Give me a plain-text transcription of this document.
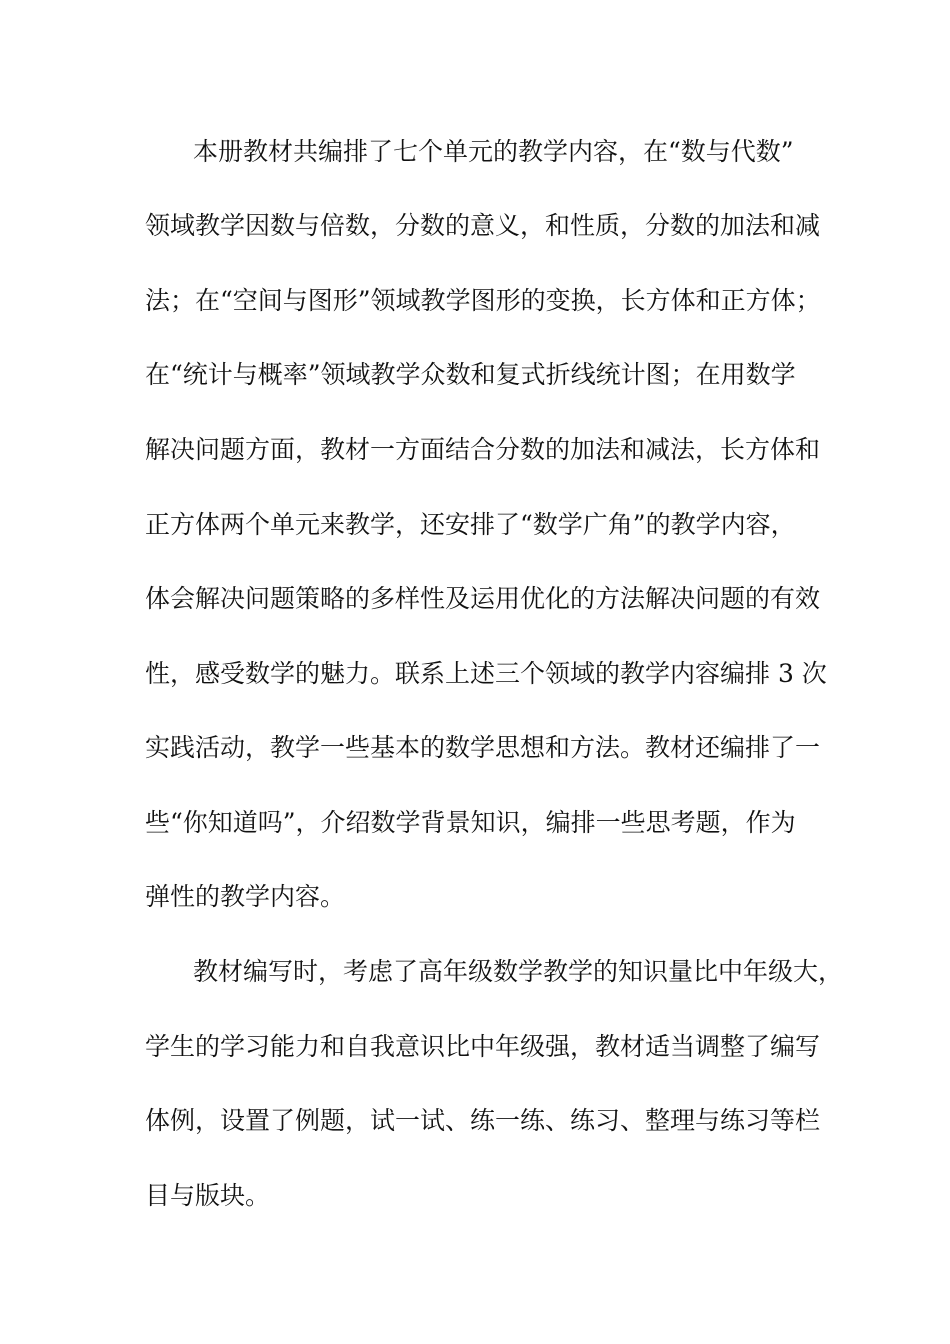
本册教材共编排了七个单元的教学内容，在“数与代数”
领域教学因数与倍数，分数的意义，和性质，分数的加法和减
法；在“空间与图形”领域教学图形的变换，长方体和正方体；
在“统计与概率”领域教学众数和复式折线统计图；在用数学
解决问题方面，教材一方面结合分数的加法和减法，长方体和
正方体两个单元来教学，还安排了“数学广角”的教学内容，
体会解决问题策略的多样性及运用优化的方法解决问题的有效
性，感受数学的魅力。联系上述三个领域的教学内容编排 3 次
实践活动，教学一些基本的数学思想和方法。教材还编排了一
些“你知道吗”，介绍数学背景知识，编排一些思考题，作为
弹性的教学内容。
教材编写时，考虑了高年级数学教学的知识量比中年级大，
学生的学习能力和自我意识比中年级强，教材适当调整了编写
体例，设置了例题，试一试、练一练、练习、整理与练习等栏
目与版块。
